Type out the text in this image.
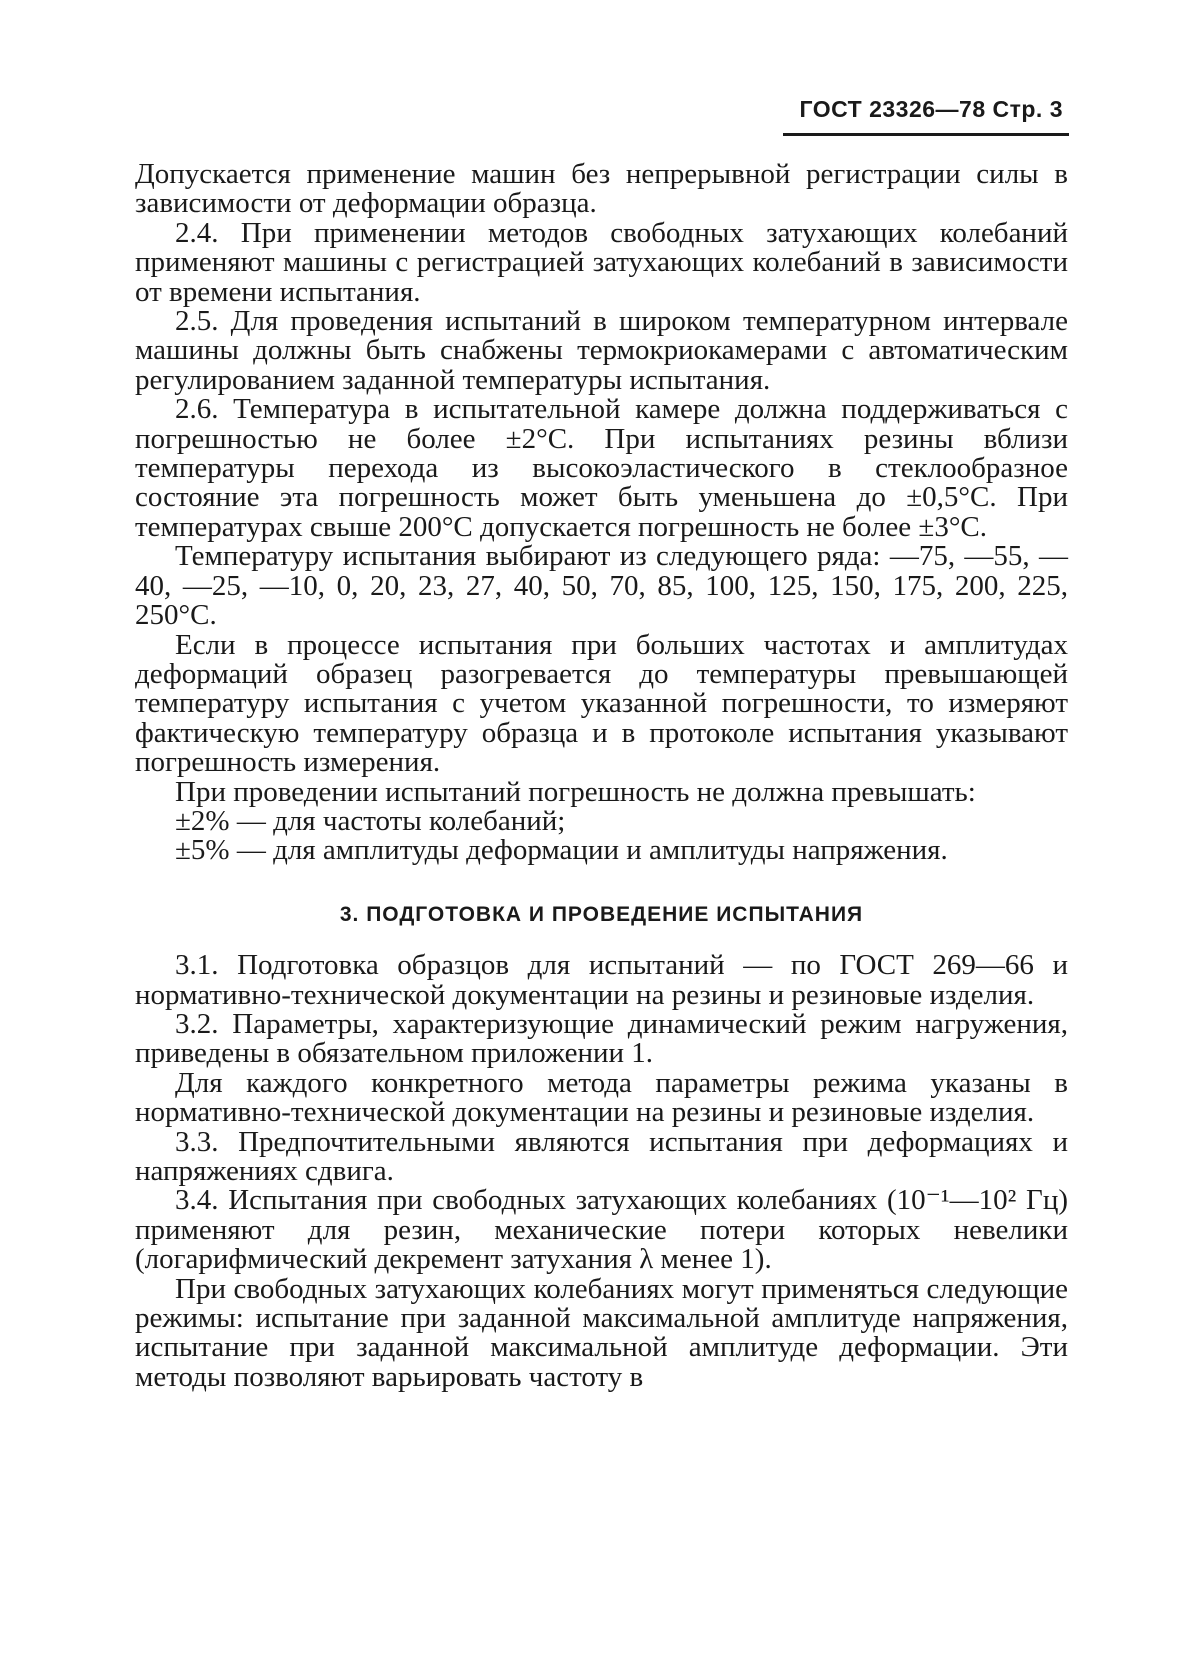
ГОСТ 23326—78 Стр. 3

Допускается применение машин без непрерывной регистрации силы в зависимости от деформации образца.

2.4. При применении методов свободных затухающих колебаний применяют машины с регистрацией затухающих колебаний в зависимости от времени испытания.

2.5. Для проведения испытаний в широком температурном интервале машины должны быть снабжены термокриокамерами с автоматическим регулированием заданной температуры испытания.

2.6. Температура в испытательной камере должна поддерживаться с погрешностью не более ±2°С. При испытаниях резины вблизи температуры перехода из высокоэластического в стеклообразное состояние эта погрешность может быть уменьшена до ±0,5°С. При температурах свыше 200°С допускается погрешность не более ±3°С.

Температуру испытания выбирают из следующего ряда: —75, —55, —40, —25, —10, 0, 20, 23, 27, 40, 50, 70, 85, 100, 125, 150, 175, 200, 225, 250°С.

Если в процессе испытания при больших частотах и амплитудах деформаций образец разогревается до температуры превышающей температуру испытания с учетом указанной погрешности, то измеряют фактическую температуру образца и в протоколе испытания указывают погрешность измерения.

При проведении испытаний погрешность не должна превышать:

±2% — для частоты колебаний;

±5% — для амплитуды деформации и амплитуды напряжения.

3. ПОДГОТОВКА И ПРОВЕДЕНИЕ ИСПЫТАНИЯ

3.1. Подготовка образцов для испытаний — по ГОСТ 269—66 и нормативно-технической документации на резины и резиновые изделия.

3.2. Параметры, характеризующие динамический режим нагружения, приведены в обязательном приложении 1.

Для каждого конкретного метода параметры режима указаны в нормативно-технической документации на резины и резиновые изделия.

3.3. Предпочтительными являются испытания при деформациях и напряжениях сдвига.

3.4. Испытания при свободных затухающих колебаниях (10⁻¹—10² Гц) применяют для резин, механические потери которых невелики (логарифмический декремент затухания λ менее 1).

При свободных затухающих колебаниях могут применяться следующие режимы: испытание при заданной максимальной амплитуде напряжения, испытание при заданной максимальной амплитуде деформации. Эти методы позволяют варьировать частоту в
